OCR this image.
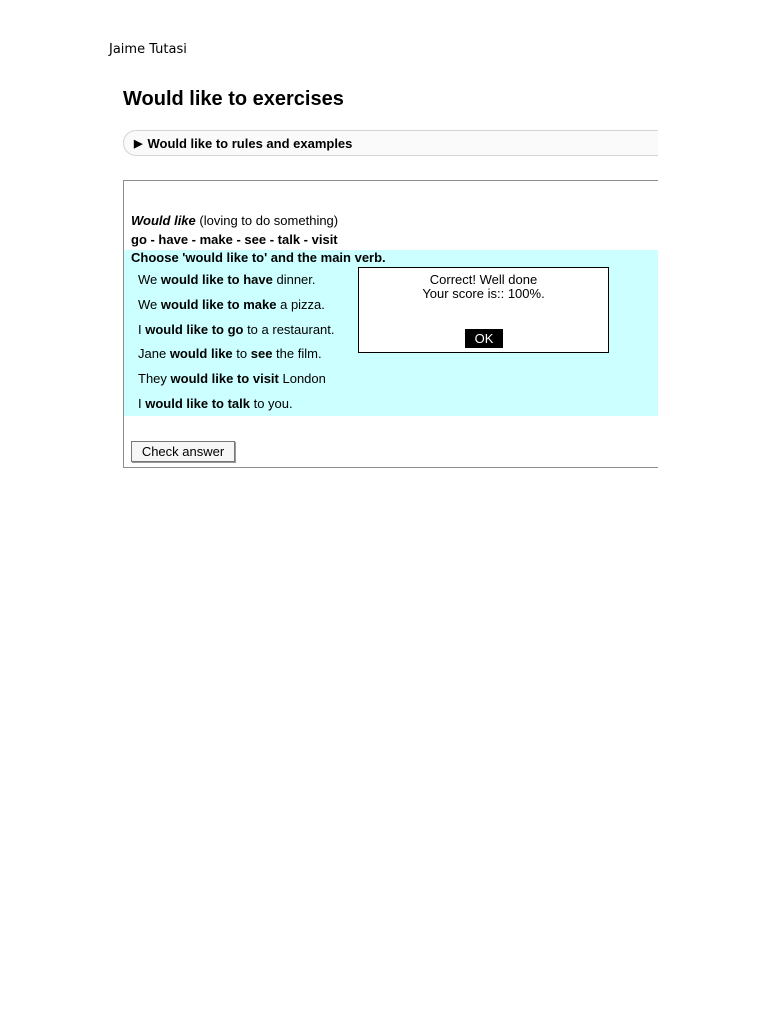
Jaime Tutasi
Would like to exercises
▶ Would like to rules and examples
Would like (loving to do something)
go - have - make - see - talk - visit
Choose 'would like to' and the main verb.
We would like to have dinner.
We would like to make a pizza.
I would like to go to a restaurant.
Jane would like to see the film.
They would like to visit London
I would like to talk to you.
Check answer
Correct! Well done
Your score is:: 100%.
OK
